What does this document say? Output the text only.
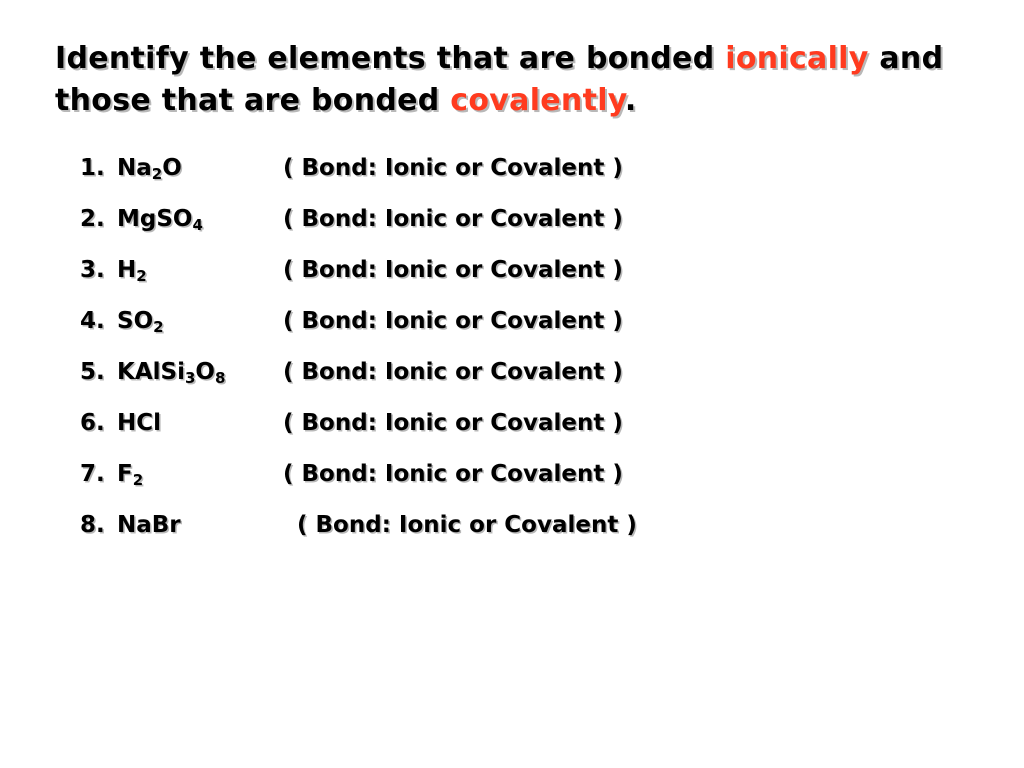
Identify the elements that are bonded ionically and those that are bonded covalently.
1. $Na_2O$	( Bond: Ionic or Covalent )
2. MgSO$_4$	( Bond: Ionic or Covalent )
3. $H_2$	( Bond: Ionic or Covalent )
4. $SO_2$	( Bond: Ionic or Covalent )
5. $KAlSi_3O_8$	( Bond: Ionic or Covalent )
6. HCl	( Bond: Ionic or Covalent )
7. $F_2$	( Bond: Ionic or Covalent )
8. NaBr	( Bond: Ionic or Covalent )
